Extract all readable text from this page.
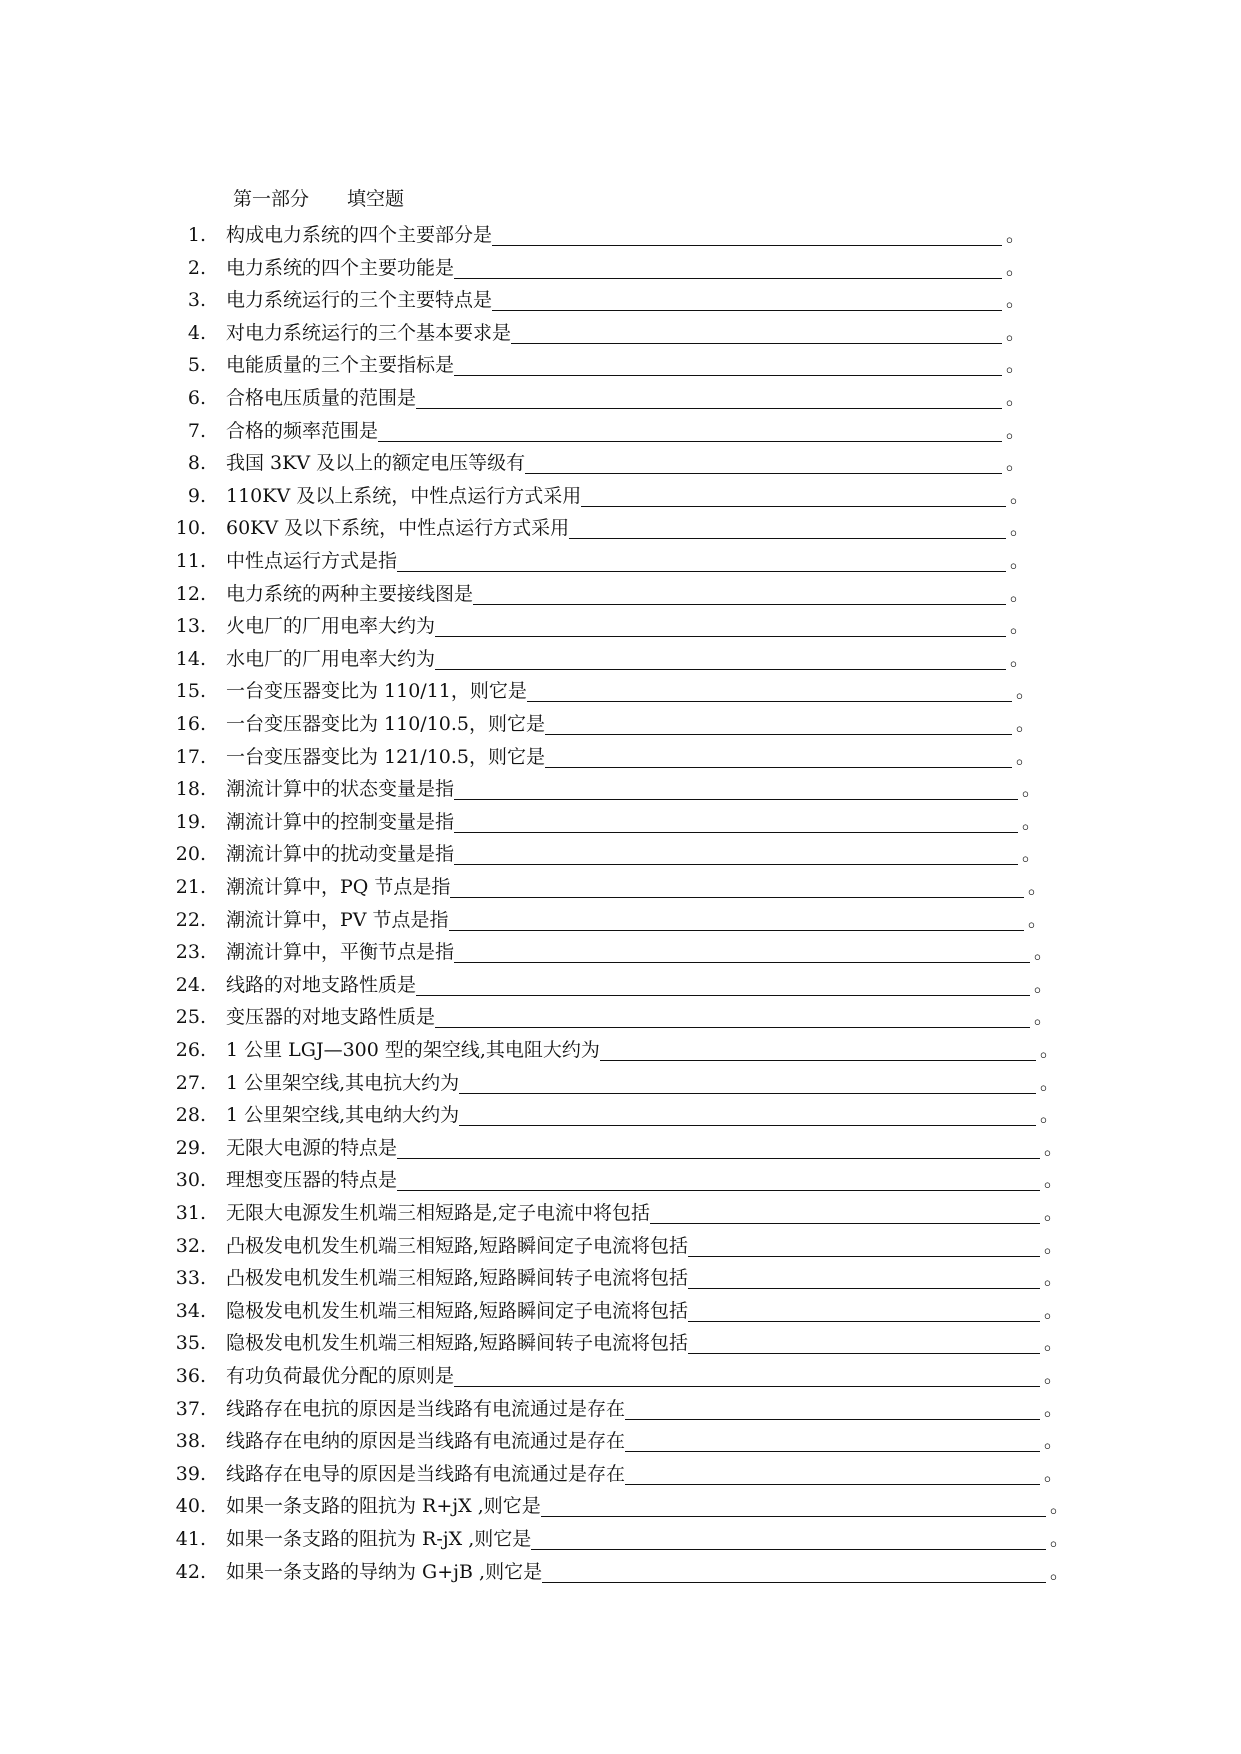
第一部分　　填空题
1. 构成电力系统的四个主要部分是	。
2. 电力系统的四个主要功能是	。
3. 电力系统运行的三个主要特点是	。
4. 对电力系统运行的三个基本要求是	。
5. 电能质量的三个主要指标是	。
6. 合格电压质量的范围是	。
7. 合格的频率范围是	。
8. 我国 3KV 及以上的额定电压等级有	。
9. 110KV 及以上系统，中性点运行方式采用	。
10. 60KV 及以下系统，中性点运行方式采用	。
11. 中性点运行方式是指	。
12. 电力系统的两种主要接线图是	。
13. 火电厂的厂用电率大约为	。
14. 水电厂的厂用电率大约为	。
15. 一台变压器变比为 110/11，则它是	。
16. 一台变压器变比为 110/10.5，则它是	。
17. 一台变压器变比为 121/10.5，则它是	。
18. 潮流计算中的状态变量是指	。
19. 潮流计算中的控制变量是指	。
20. 潮流计算中的扰动变量是指	。
21. 潮流计算中，PQ 节点是指	。
22. 潮流计算中，PV 节点是指	。
23. 潮流计算中，平衡节点是指	。
24. 线路的对地支路性质是	。
25. 变压器的对地支路性质是	。
26. 1 公里 LGJ—300 型的架空线,其电阻大约为	。
27. 1 公里架空线,其电抗大约为	。
28. 1 公里架空线,其电纳大约为	。
29. 无限大电源的特点是	。
30. 理想变压器的特点是	。
31. 无限大电源发生机端三相短路是,定子电流中将包括	。
32. 凸极发电机发生机端三相短路,短路瞬间定子电流将包括	。
33. 凸极发电机发生机端三相短路,短路瞬间转子电流将包括	。
34. 隐极发电机发生机端三相短路,短路瞬间定子电流将包括	。
35. 隐极发电机发生机端三相短路,短路瞬间转子电流将包括	。
36. 有功负荷最优分配的原则是	。
37. 线路存在电抗的原因是当线路有电流通过是存在	。
38. 线路存在电纳的原因是当线路有电流通过是存在	。
39. 线路存在电导的原因是当线路有电流通过是存在	。
40. 如果一条支路的阻抗为 R+jX ,则它是	。
41. 如果一条支路的阻抗为 R-jX ,则它是	。
42. 如果一条支路的导纳为 G+jB ,则它是	。
